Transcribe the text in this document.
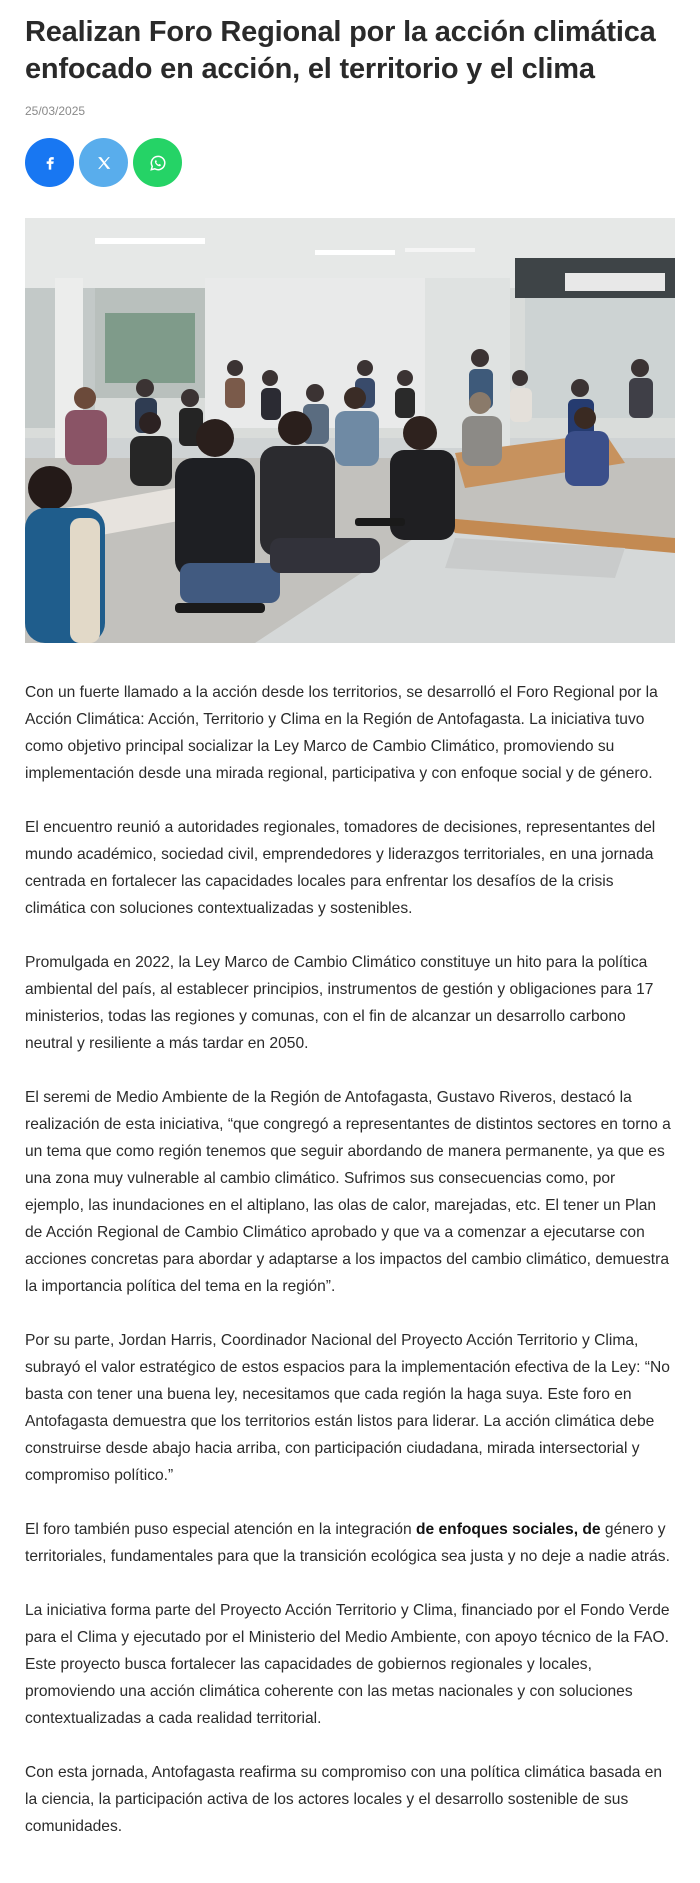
Realizan Foro Regional por la acción climática enfocado en acción, el territorio y el clima
25/03/2025

Con un fuerte llamado a la acción desde los territorios, se desarrolló el Foro Regional por la Acción Climática: Acción, Territorio y Clima en la Región de Antofagasta. La iniciativa tuvo como objetivo principal socializar la Ley Marco de Cambio Climático, promoviendo su implementación desde una mirada regional, participativa y con enfoque social y de género.

El encuentro reunió a autoridades regionales, tomadores de decisiones, representantes del mundo académico, sociedad civil, emprendedores y liderazgos territoriales, en una jornada centrada en fortalecer las capacidades locales para enfrentar los desafíos de la crisis climática con soluciones contextualizadas y sostenibles.

Promulgada en 2022, la Ley Marco de Cambio Climático constituye un hito para la política ambiental del país, al establecer principios, instrumentos de gestión y obligaciones para 17 ministerios, todas las regiones y comunas, con el fin de alcanzar un desarrollo carbono neutral y resiliente a más tardar en 2050.

El seremi de Medio Ambiente de la Región de Antofagasta, Gustavo Riveros, destacó la realización de esta iniciativa, “que congregó a representantes de distintos sectores en torno a un tema que como región tenemos que seguir abordando de manera permanente, ya que es una zona muy vulnerable al cambio climático. Sufrimos sus consecuencias como, por ejemplo, las inundaciones en el altiplano, las olas de calor, marejadas, etc. El tener un Plan de Acción Regional de Cambio Climático aprobado y que va a comenzar a ejecutarse con acciones concretas para abordar y adaptarse a los impactos del cambio climático, demuestra la importancia política del tema en la región”.

Por su parte, Jordan Harris, Coordinador Nacional del Proyecto Acción Territorio y Clima, subrayó el valor estratégico de estos espacios para la implementación efectiva de la Ley: “No basta con tener una buena ley, necesitamos que cada región la haga suya. Este foro en Antofagasta demuestra que los territorios están listos para liderar. La acción climática debe construirse desde abajo hacia arriba, con participación ciudadana, mirada intersectorial y compromiso político.”

El foro también puso especial atención en la integración de enfoques sociales, de género y territoriales, fundamentales para que la transición ecológica sea justa y no deje a nadie atrás.

La iniciativa forma parte del Proyecto Acción Territorio y Clima, financiado por el Fondo Verde para el Clima y ejecutado por el Ministerio del Medio Ambiente, con apoyo técnico de la FAO. Este proyecto busca fortalecer las capacidades de gobiernos regionales y locales, promoviendo una acción climática coherente con las metas nacionales y con soluciones contextualizadas a cada realidad territorial.

Con esta jornada, Antofagasta reafirma su compromiso con una política climática basada en la ciencia, la participación activa de los actores locales y el desarrollo sostenible de sus comunidades.
